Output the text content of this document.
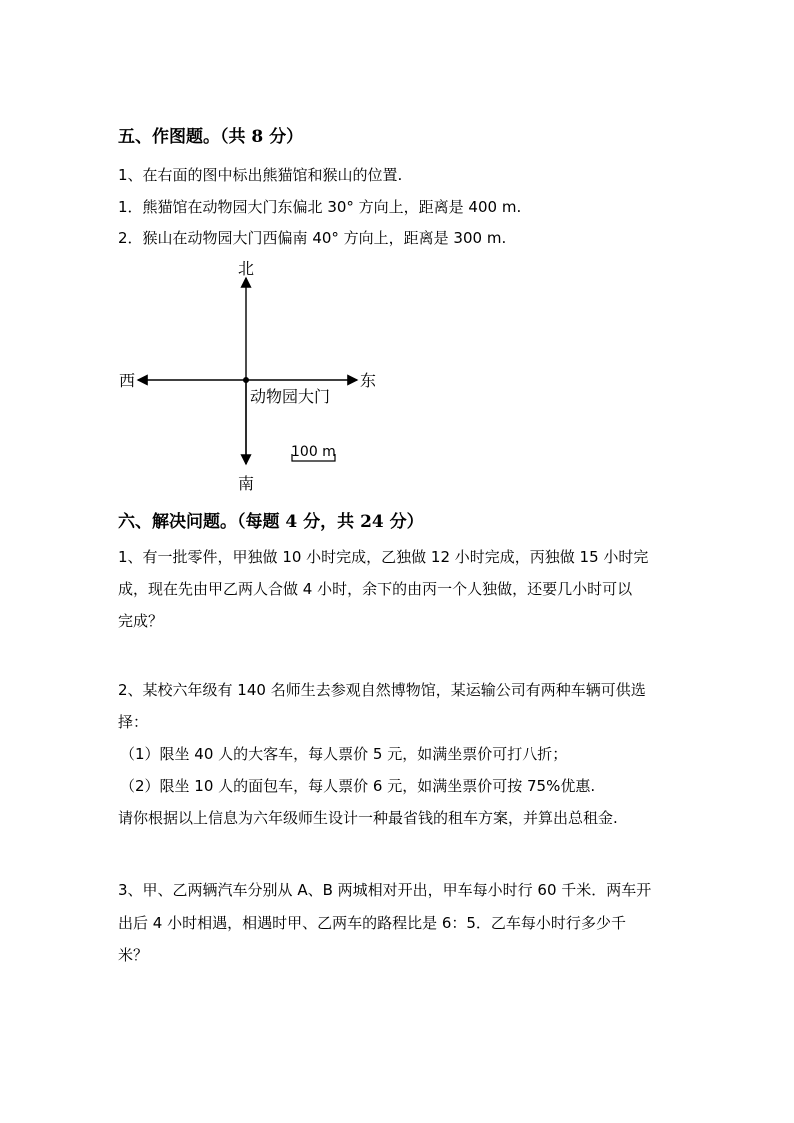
五、作图题。（共 8 分）
1、在右面的图中标出熊猫馆和猴山的位置.
1．熊猫馆在动物园大门东偏北 30° 方向上，距离是 400 m.
2．猴山在动物园大门西偏南 40° 方向上，距离是 300 m.
北
南
东
西
动物园大门
100 m
六、解决问题。（每题 4 分，共 24 分）
1、有一批零件，甲独做 10 小时完成，乙独做 12 小时完成，丙独做 15 小时完
成，现在先由甲乙两人合做 4 小时，余下的由丙一个人独做，还要几小时可以
完成？
2、某校六年级有 140 名师生去参观自然博物馆，某运输公司有两种车辆可供选
择：
（1）限坐 40 人的大客车，每人票价 5 元，如满坐票价可打八折；
（2）限坐 10 人的面包车，每人票价 6 元，如满坐票价可按 75%优惠.
请你根据以上信息为六年级师生设计一种最省钱的租车方案，并算出总租金.
3、甲、乙两辆汽车分别从 A、B 两城相对开出，甲车每小时行 60 千米．两车开
出后 4 小时相遇，相遇时甲、乙两车的路程比是 6：5．乙车每小时行多少千
米？
